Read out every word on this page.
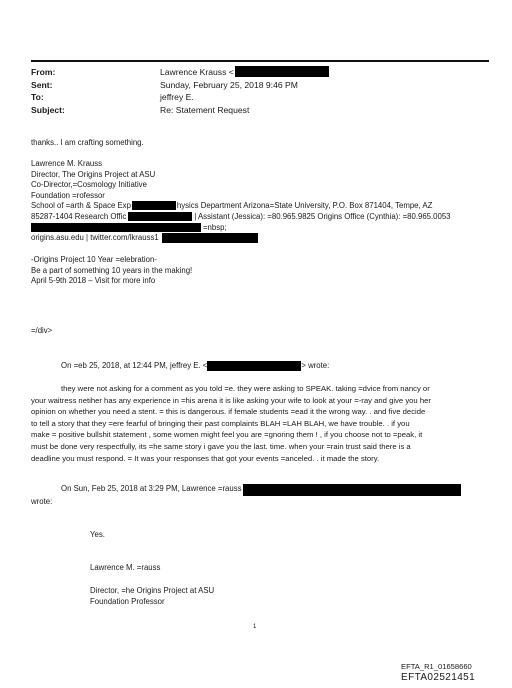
From:	Lawrence Krauss <
Sent:	Sunday, February 25, 2018 9:46 PM
To:	jeffrey E.
Subject:	Re: Statement Request
thanks.. I am crafting something.
Lawrence M. Krauss
Director, The Origins Project at ASU
Co-Director,=Cosmology Initiative
Foundation =rofessor
School of =arth & Space Exp	hysics Department Arizona=State University, P.O. Box 871404, Tempe, AZ
85287-1404 Research Offic	| Assistant (Jessica): =80.965.9825 Origins Office (Cynthia): =80.965.0053
=nbsp;
origins.asu.edu | twitter.com/lkrauss1
-Origins Project 10 Year =elebration-
Be a part of something 10 years in the making!
April 5-9th 2018 – Visit for more info
=/div>
On =eb 25, 2018, at 12:44 PM, jeffrey E. <	> wrote:
they were not asking for a comment as you told =e. they were asking to SPEAK. taking =dvice from nancy or
your waitress netiher has any experience in =his arena it is like asking your wife to look at your =-ray and give you her
opinion on whether you need a stent. = this is dangerous. if female students =ead it the wrong way. . and five decide
to tell a story that they =ere fearful of bringing their past complaints BLAH =LAH BLAH, we have trouble. . if you
make = positive bullshit statement , some women might feel you are =gnoring them ! , if you choose not to =peak, it
must be done very respectfully, its =he same story i gave you the last. time. when your =rain trust said there is a
deadline you must respond. = It was your responses that got your events =anceled. . it made the story.
On Sun, Feb 25, 2018 at 3:29 PM, Lawrence =rauss
wrote:
Yes.
Lawrence M. =rauss
Director, =he Origins Project at ASU
Foundation Professor
1
EFTA_R1_01658660
EFTA02521451
